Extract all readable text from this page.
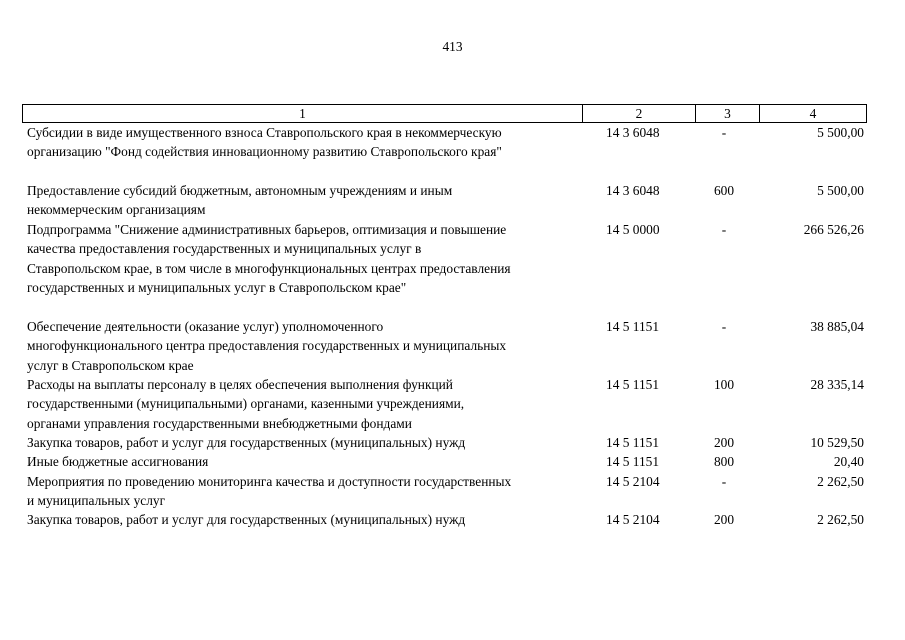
413
1	2	3	4
Субсидии в виде имущественного взноса Ставропольского края в некоммерческую
организацию "Фонд содействия инновационному развитию Ставропольского края"
14 3 6048	-	5 500,00
Предоставление субсидий бюджетным, автономным учреждениям и иным
некоммерческим организациям
14 3 6048	600	5 500,00
Подпрограмма "Снижение административных барьеров, оптимизация и повышение
качества предоставления государственных и муниципальных услуг в
Ставропольском крае, в том числе в многофункциональных центрах предоставления
государственных и муниципальных услуг в Ставропольском крае"
14 5 0000	-	266 526,26
Обеспечение деятельности (оказание услуг) уполномоченного
многофункционального центра предоставления государственных и муниципальных
услуг в Ставропольском крае
14 5 1151	-	38 885,04
Расходы на выплаты персоналу в целях обеспечения выполнения функций
государственными (муниципальными) органами, казенными учреждениями,
органами управления государственными внебюджетными фондами
14 5 1151	100	28 335,14
Закупка товаров, работ и услуг для государственных (муниципальных) нужд	14 5 1151	200	10 529,50
Иные бюджетные ассигнования	14 5 1151	800	20,40
Мероприятия по проведению мониторинга качества и доступности государственных
и муниципальных услуг
14 5 2104	-	2 262,50
Закупка товаров, работ и услуг для государственных (муниципальных) нужд	14 5 2104	200	2 262,50
